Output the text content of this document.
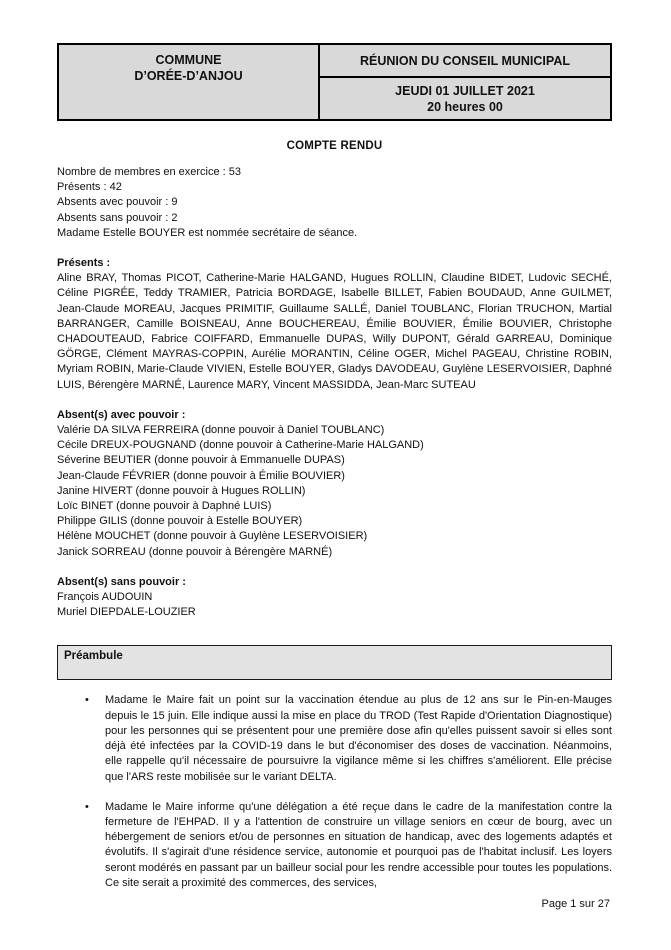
COMMUNE
D’ORÉE-D’ANJOU
RÉUNION DU CONSEIL MUNICIPAL
JEUDI 01 JUILLET 2021
20 heures 00
COMPTE RENDU
Nombre de membres en exercice : 53
Présents : 42
Absents avec pouvoir : 9
Absents sans pouvoir : 2
Madame Estelle BOUYER est nommée secrétaire de séance.
Présents :
Aline BRAY, Thomas PICOT, Catherine-Marie HALGAND, Hugues ROLLIN, Claudine BIDET, Ludovic SECHÉ, Céline PIGRÉE, Teddy TRAMIER, Patricia BORDAGE, Isabelle BILLET, Fabien BOUDAUD, Anne GUILMET, Jean-Claude MOREAU, Jacques PRIMITIF, Guillaume SALLÉ, Daniel TOUBLANC, Florian TRUCHON, Martial BARRANGER, Camille BOISNEAU, Anne BOUCHEREAU, Émilie BOUVIER, Émilie BOUVIER, Christophe CHADOUTEAUD, Fabrice COIFFARD, Emmanuelle DUPAS, Willy DUPONT, Gérald GARREAU, Dominique GÖRGE, Clément MAYRAS-COPPIN, Aurélie MORANTIN, Céline OGER, Michel PAGEAU, Christine ROBIN, Myriam ROBIN, Marie-Claude VIVIEN, Estelle BOUYER, Gladys DAVODEAU, Guylène LESERVOISIER, Daphné LUIS, Bérengère MARNÉ, Laurence MARY, Vincent MASSIDDA, Jean-Marc SUTEAU
Absent(s) avec pouvoir :
Valérie DA SILVA FERREIRA (donne pouvoir à Daniel TOUBLANC)
Cécile DREUX-POUGNAND (donne pouvoir à Catherine-Marie HALGAND)
Séverine BEUTIER (donne pouvoir à Emmanuelle DUPAS)
Jean-Claude FÉVRIER (donne pouvoir à Émilie BOUVIER)
Janine HIVERT (donne pouvoir à Hugues ROLLIN)
Loïc BINET (donne pouvoir à Daphné LUIS)
Philippe GILIS (donne pouvoir à Estelle BOUYER)
Hélène MOUCHET (donne pouvoir à Guylène LESERVOISIER)
Janick SORREAU (donne pouvoir à Bérengère MARNÉ)
Absent(s) sans pouvoir :
François AUDOUIN
Muriel DIEPDALE-LOUZIER
Préambule
• Madame le Maire fait un point sur la vaccination étendue au plus de 12 ans sur le Pin-en-Mauges depuis le 15 juin. Elle indique aussi la mise en place du TROD (Test Rapide d'Orientation Diagnostique) pour les personnes qui se présentent pour une première dose afin qu'elles puissent savoir si elles sont déjà été infectées par la COVID-19 dans le but d'économiser des doses de vaccination. Néanmoins, elle rappelle qu'il nécessaire de poursuivre la vigilance même si les chiffres s'améliorent. Elle précise que l'ARS reste mobilisée sur le variant DELTA.
• Madame le Maire informe qu'une délégation a été reçue dans le cadre de la manifestation contre la fermeture de l'EHPAD. Il y a l'attention de construire un village seniors en cœur de bourg, avec un hébergement de seniors et/ou de personnes en situation de handicap, avec des logements adaptés et évolutifs. Il s'agirait d'une résidence service, autonomie et pourquoi pas de l'habitat inclusif. Les loyers seront modérés en passant par un bailleur social pour les rendre accessible pour toutes les populations. Ce site serait a proximité des commerces, des services,
Page 1 sur 27
